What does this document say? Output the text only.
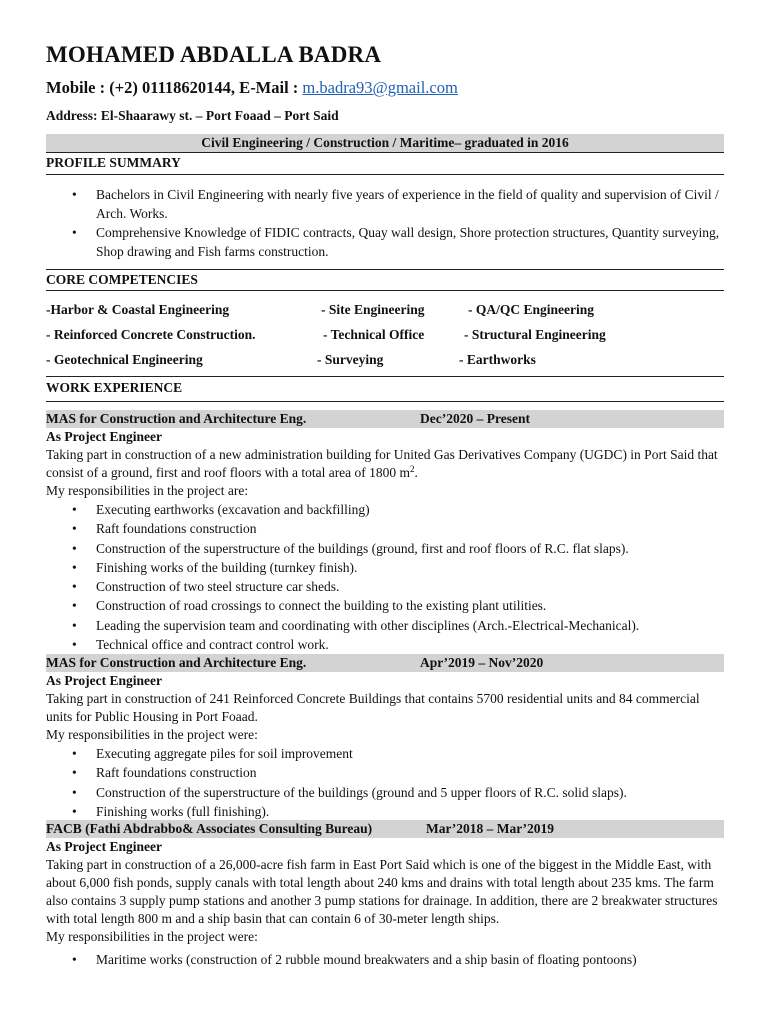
MOHAMED ABDALLA BADRA
Mobile : (+2) 01118620144, E-Mail : m.badra93@gmail.com
Address: El-Shaarawy st. – Port Foaad – Port Said
Civil Engineering / Construction / Maritime– graduated in 2016
PROFILE SUMMARY
• Bachelors in Civil Engineering with nearly five years of experience in the field of quality and supervision of Civil / Arch. Works.
• Comprehensive Knowledge of FIDIC contracts, Quay wall design, Shore protection structures, Quantity surveying, Shop drawing and Fish farms construction.
CORE COMPETENCIES
-Harbor & Coastal Engineering	- Site Engineering	- QA/QC Engineering
- Reinforced Concrete Construction.	- Technical Office	- Structural Engineering
- Geotechnical Engineering	- Surveying	- Earthworks
WORK EXPERIENCE
MAS for Construction and Architecture Eng.	Dec’2020 – Present
As Project Engineer
Taking part in construction of a new administration building for United Gas Derivatives Company (UGDC) in Port Said that consist of a ground, first and roof floors with a total area of 1800 $m^2$.
My responsibilities in the project are:
• Executing earthworks (excavation and backfilling)
• Raft foundations construction
• Construction of the superstructure of the buildings (ground, first and roof floors of R.C. flat slaps).
• Finishing works of the building (turnkey finish).
• Construction of two steel structure car sheds.
• Construction of road crossings to connect the building to the existing plant utilities.
• Leading the supervision team and coordinating with other disciplines (Arch.-Electrical-Mechanical).
• Technical office and contract control work.
MAS for Construction and Architecture Eng.	Apr’2019 – Nov’2020
As Project Engineer
Taking part in construction of 241 Reinforced Concrete Buildings that contains 5700 residential units and 84 commercial units for Public Housing in Port Foaad.
My responsibilities in the project were:
• Executing aggregate piles for soil improvement
• Raft foundations construction
• Construction of the superstructure of the buildings (ground and 5 upper floors of R.C. solid slaps).
• Finishing works (full finishing).
FACB (Fathi Abdrabbo& Associates Consulting Bureau)	Mar’2018 – Mar’2019
As Project Engineer
Taking part in construction of a 26,000-acre fish farm in East Port Said which is one of the biggest in the Middle East, with about 6,000 fish ponds, supply canals with total length about 240 kms and drains with total length about 235 kms. The farm also contains 3 supply pump stations and another 3 pump stations for drainage. In addition, there are 2 breakwater structures with total length 800 m and a ship basin that can contain 6 of 30-meter length ships.
My responsibilities in the project were:
• Maritime works (construction of 2 rubble mound breakwaters and a ship basin of floating pontoons)
